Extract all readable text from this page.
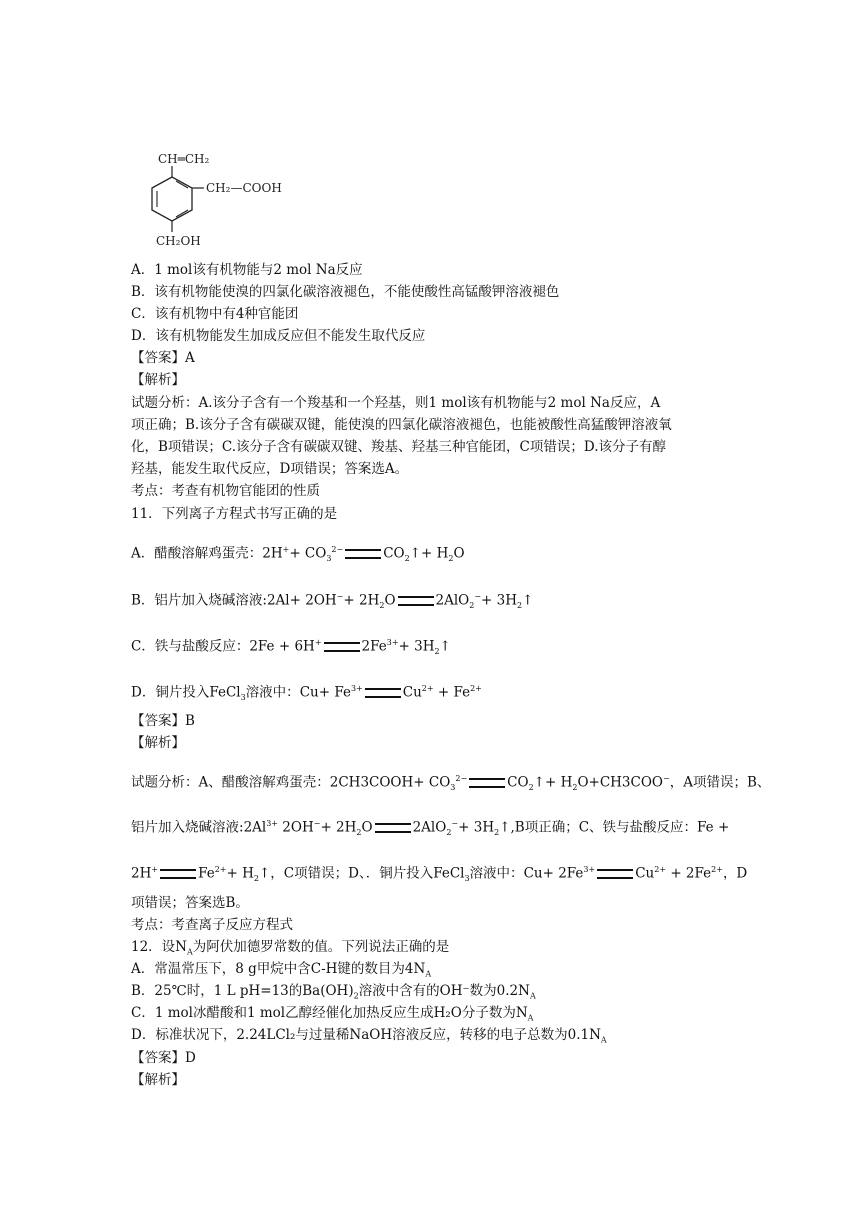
CH═CH₂
CH₂—COOH
CH₂OH
A．1 mol该有机物能与2 mol Na反应
B．该有机物能使溴的四氯化碳溶液褪色，不能使酸性高锰酸钾溶液褪色
C．该有机物中有4种官能团
D．该有机物能发生加成反应但不能发生取代反应
【答案】A
【解析】
试题分析：A.该分子含有一个羧基和一个羟基，则1 mol该有机物能与2 mol Na反应，A
项正确；B.该分子含有碳碳双键，能使溴的四氯化碳溶液褪色，也能被酸性高猛酸钾溶液氧
化，B项错误；C.该分子含有碳碳双键、羧基、羟基三种官能团，C项错误；D.该分子有醇
羟基，能发生取代反应，D项错误；答案选A。
考点：考查有机物官能团的性质
11．下列离子方程式书写正确的是
A．醋酸溶解鸡蛋壳：$2H^++ CO_3^{2-}$	$CO_2↑+ H_2O$
B．铝片加入烧碱溶液:2Al+ $2OH^-+ 2H_2O$	$2AlO_2^-+ 3H_2↑$
C．铁与盐酸反应：2Fe + 6H+	$2Fe^{3+}+$ $3H_2↑$
D．铜片投入FeCl$_3$溶液中：$Cu+ Fe^{3+}$	$Cu^{2+} + Fe^{2+}$
【答案】B
【解析】
试题分析：A、醋酸溶解鸡蛋壳：2CH3COOH+ $CO_3^{2-}$	$CO_2↑+ H_2O+CH3COO^-$，A项错误；B、
铝片加入烧碱溶液$:2Al^{3+}$ $2OH^-+ 2H_2O$	$2AlO_2^-+ 3H_2↑,B$项正确；C、铁与盐酸反应：Fe +
2H+	$Fe^{2+}+$ $H_2↑$，C项错误；D、．铜片投入FeCl$_3$溶液中：$Cu+ 2Fe^{3+}$	$Cu^{2+} + 2Fe^{2+}$，D
项错误；答案选B。
考点：考查离子反应方程式
12．设$N_A$为阿伏加德罗常数的值。下列说法正确的是
A．常温常压下，8 g甲烷中含C-H键的数目为$4N_A$
B．25℃时，1 L pH=13的$Ba(OH)_2$溶液中含有的OH⁻数为$0.2N_A$
C．1 mol冰醋酸和1 mol乙醇经催化加热反应生成H₂O分子数为$N_A$
D．标准状况下，2.24LCl₂与过量稀NaOH溶液反应，转移的电子总数为$0.1N_A$
【答案】D
【解析】
